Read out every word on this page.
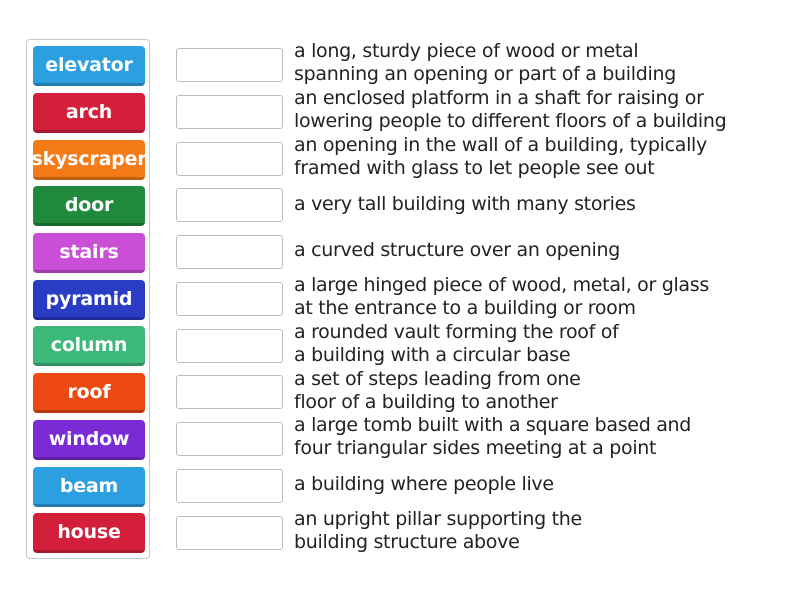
elevator
arch
skyscraper
door
stairs
pyramid
column
roof
window
beam
house
a long, sturdy piece of wood or metal spanning an opening or part of a building
an enclosed platform in a shaft for raising or lowering people to different floors of a building
an opening in the wall of a building, typically framed with glass to let people see out
a very tall building with many stories
a curved structure over an opening
a large hinged piece of wood, metal, or glass at the entrance to a building or room
a rounded vault forming the roof of a building with a circular base
a set of steps leading from one floor of a building to another
a large tomb built with a square based and four triangular sides meeting at a point
a building where people live
an upright pillar supporting the building structure above
